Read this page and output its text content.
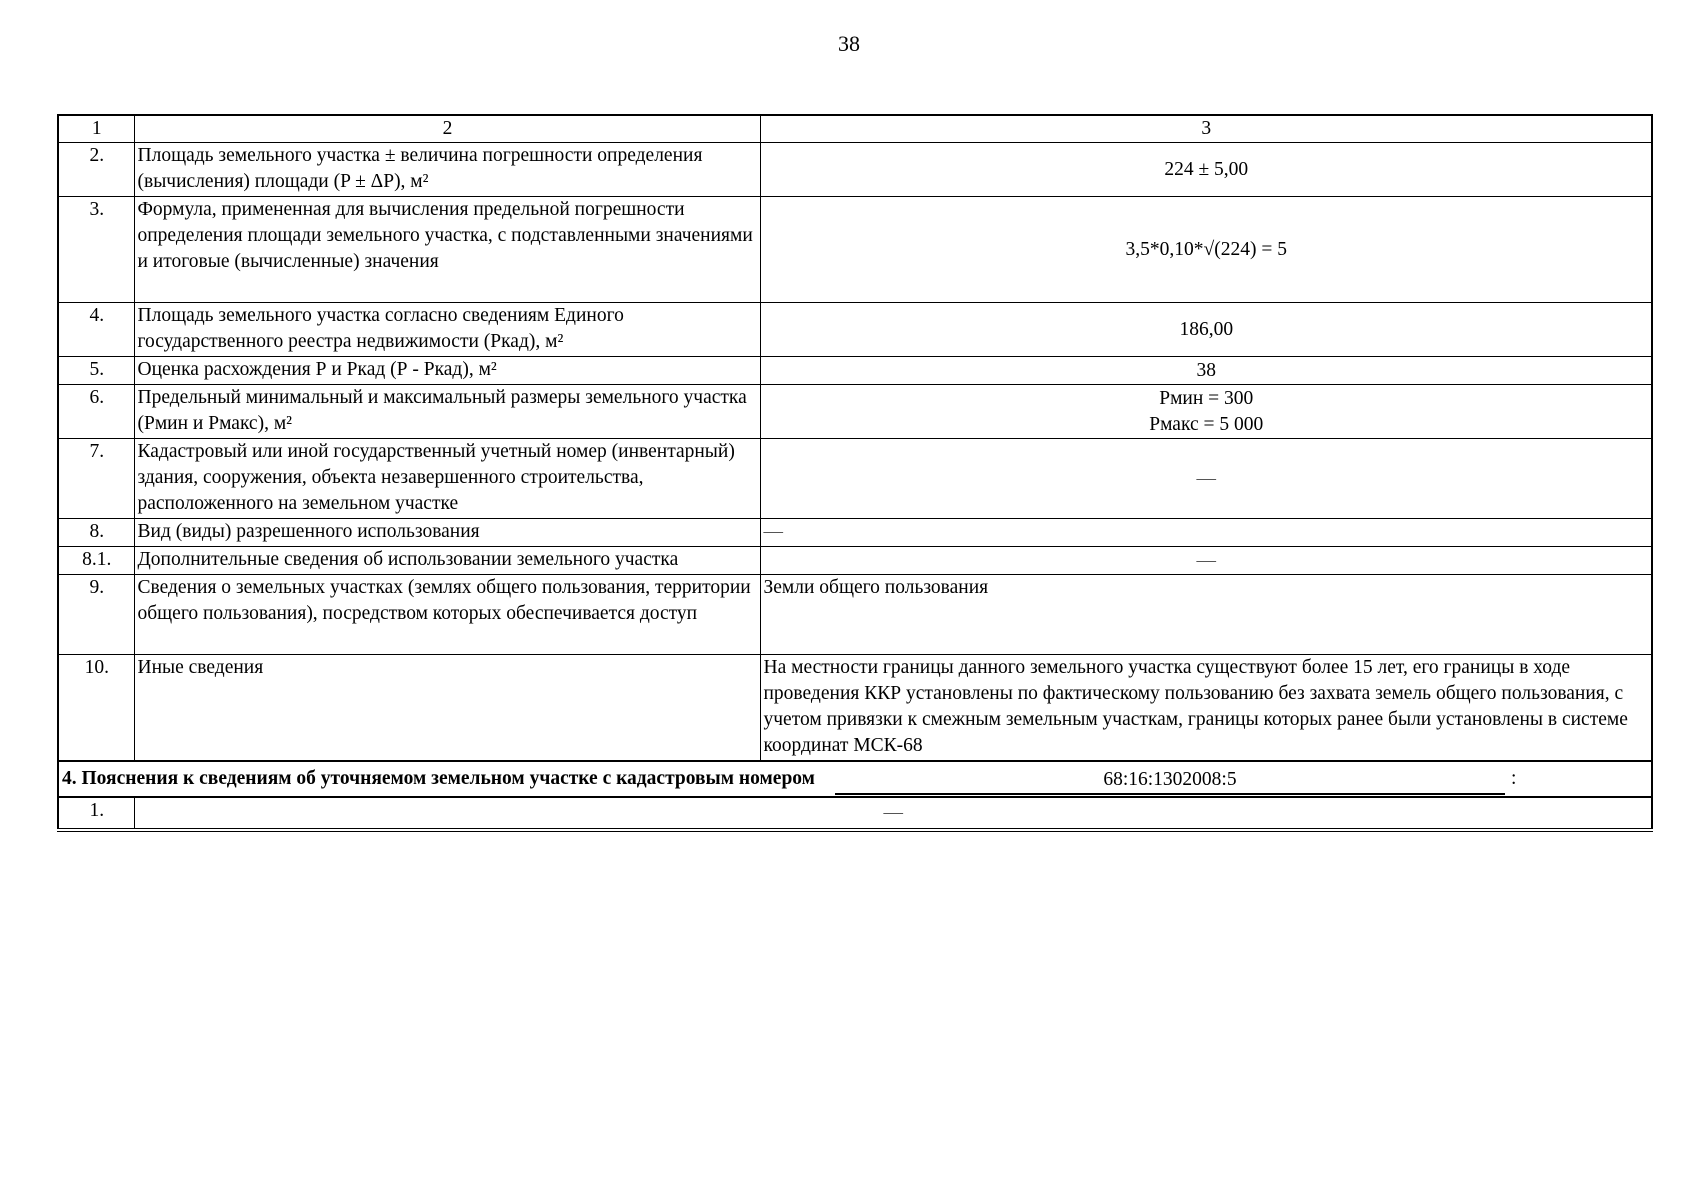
38
1	2	3
2.	Площадь земельного участка ± величина погрешности определения (вычисления) площади (P ± ΔP), м²	224 ± 5,00
3.	Формула, примененная для вычисления предельной погрешности определения площади земельного участка, с подставленными значениями и итоговые (вычисленные) значения	3,5*0,10*√(224) = 5
4.	Площадь земельного участка согласно сведениям Единого государственного реестра недвижимости (Ркад), м²	186,00
5.	Оценка расхождения Р и Ркад (Р - Ркад), м²	38
6.	Предельный минимальный и максимальный размеры земельного участка (Рмин и Рмакс), м²	Рмин = 300
Рмакс = 5 000

7.	Кадастровый или иной государственный учетный номер (инвентарный) здания, сооружения, объекта незавершенного строительства, расположенного на земельном участке	—
8.	Вид (виды) разрешенного использования	—
8.1.	Дополнительные сведения об использовании земельного участка	—
9.	Сведения о земельных участках (землях общего пользования, территории общего пользования), посредством которых обеспечивается доступ	Земли общего пользования
10.	Иные сведения	На местности границы данного земельного участка существуют более 15 лет, его границы в ходе проведения ККР установлены по фактическому пользованию без захвата земель общего пользования, с учетом привязки к смежным земельным участкам, границы которых ранее были установлены в системе координат МСК-68

4. Пояснения к сведениям об уточняемом земельном участке с кадастровым номером 68:16:1302008:5 :		

1.	—	
